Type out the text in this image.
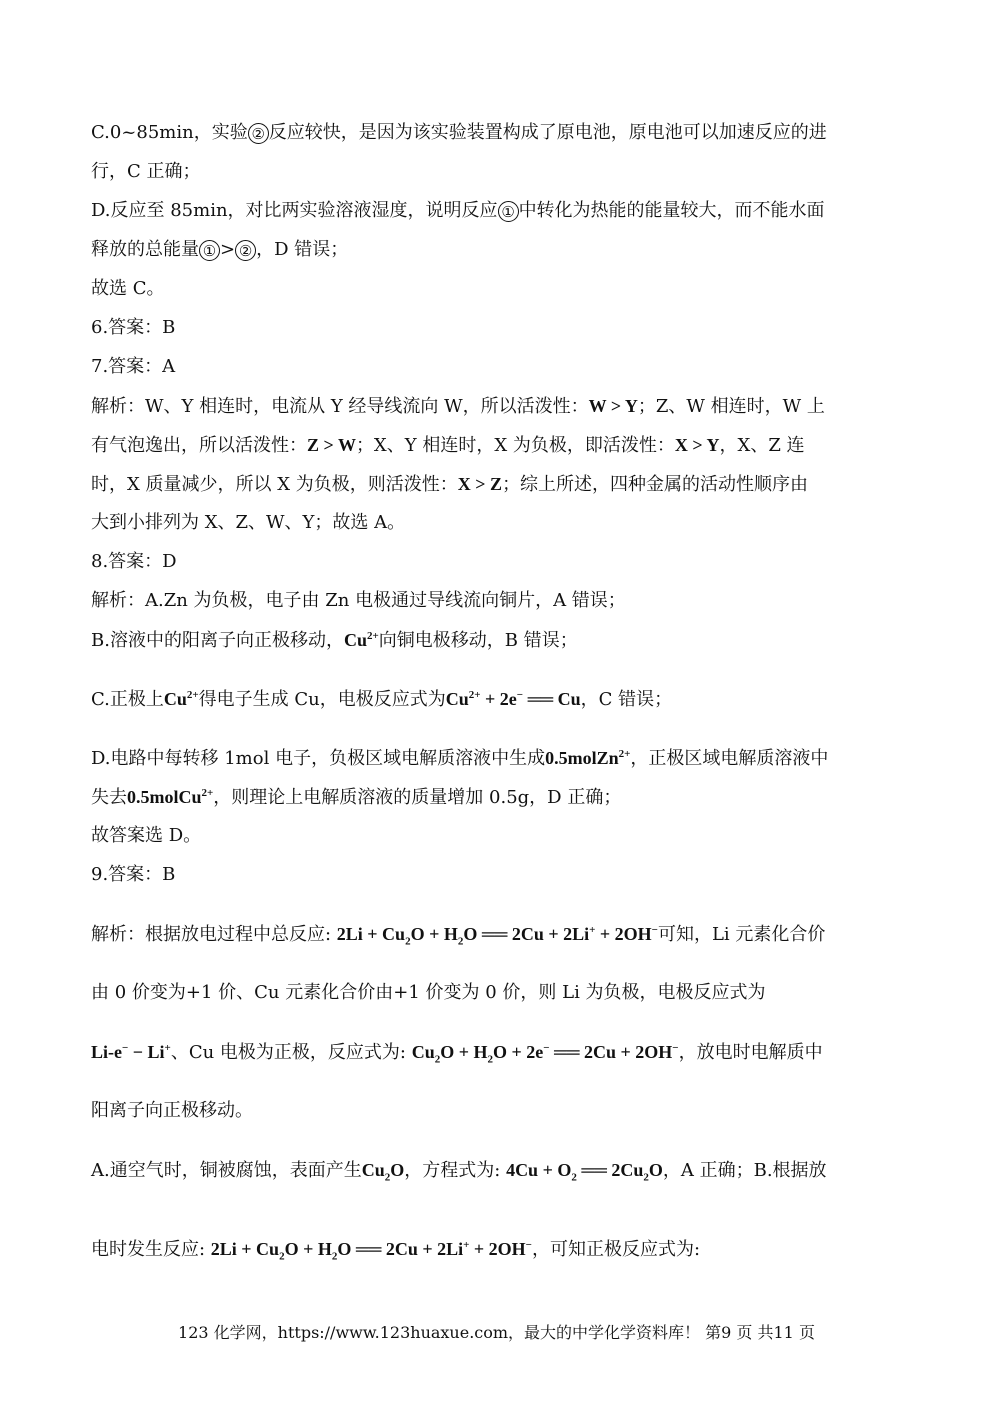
C.0~85min，实验 ② 反应较快，是因为该实验装置构成了原电池，原电池可以加速反应的进
行，C 正确；
D.反应至 85min，对比两实验溶液湿度，说明反应 ① 中转化为热能的能量较大，而不能水面
释放的总能量 ① > ② ，D 错误；
故选 C。
6.答案：B
7.答案：A
解析：W、Y 相连时，电流从 Y 经导线流向 W，所以活泼性：W > Y；Z、W 相连时，W 上
有气泡逸出，所以活泼性：Z > W；X、Y 相连时，X 为负极，即活泼性：X > Y，X、Z 连
时，X 质量减少，所以 X 为负极，则活泼性：X > Z；综上所述，四种金属的活动性顺序由
大到小排列为 X、Z、W、Y；故选 A。
8.答案：D
解析：A.Zn 为负极，电子由 Zn 电极通过导线流向铜片，A 错误；
B.溶液中的阳离子向正极移动，$Cu^{2+}$向铜电极移动，B 错误；
C.正极上$Cu^{2+}$得电子生成 Cu，电极反应式为$Cu^{2+} + 2e^-$ ══ Cu，C 错误；
D.电路中每转移 1mol 电子，负极区域电解质溶液中生成0.5molZn$^{2+}$，正极区域电解质溶液中
失去0.5molCu$^{2+}$，则理论上电解质溶液的质量增加 0.5g，D 正确；
故答案选 D。
9.答案：B
解析：根据放电过程中总反应: $2Li + Cu_2O + H_2O$ ══ 2Cu + 2Li+ + 2OH−可知，Li 元素化合价
由 0 价变为+1 价、Cu 元素化合价由+1 价变为 0 价，则 Li 为负极，电极反应式为
Li-e− − Li+、Cu 电极为正极，反应式为: $Cu_2O + H_2O + 2e^-$ ══ 2Cu + 2OH−，放电时电解质中
阳离子向正极移动。
A.通空气时，铜被腐蚀，表面产生$Cu_2O$，方程式为: $4Cu + O_2$ ══ $2Cu_2O$，A 正确；B.根据放
电时发生反应: $2Li + Cu_2O + H_2O$ ══ 2Cu + 2Li+ + 2OH−，可知正极反应式为:
123 化学网，https://www.123huaxue.com，最大的中学化学资料库！ 第9 页 共11 页
